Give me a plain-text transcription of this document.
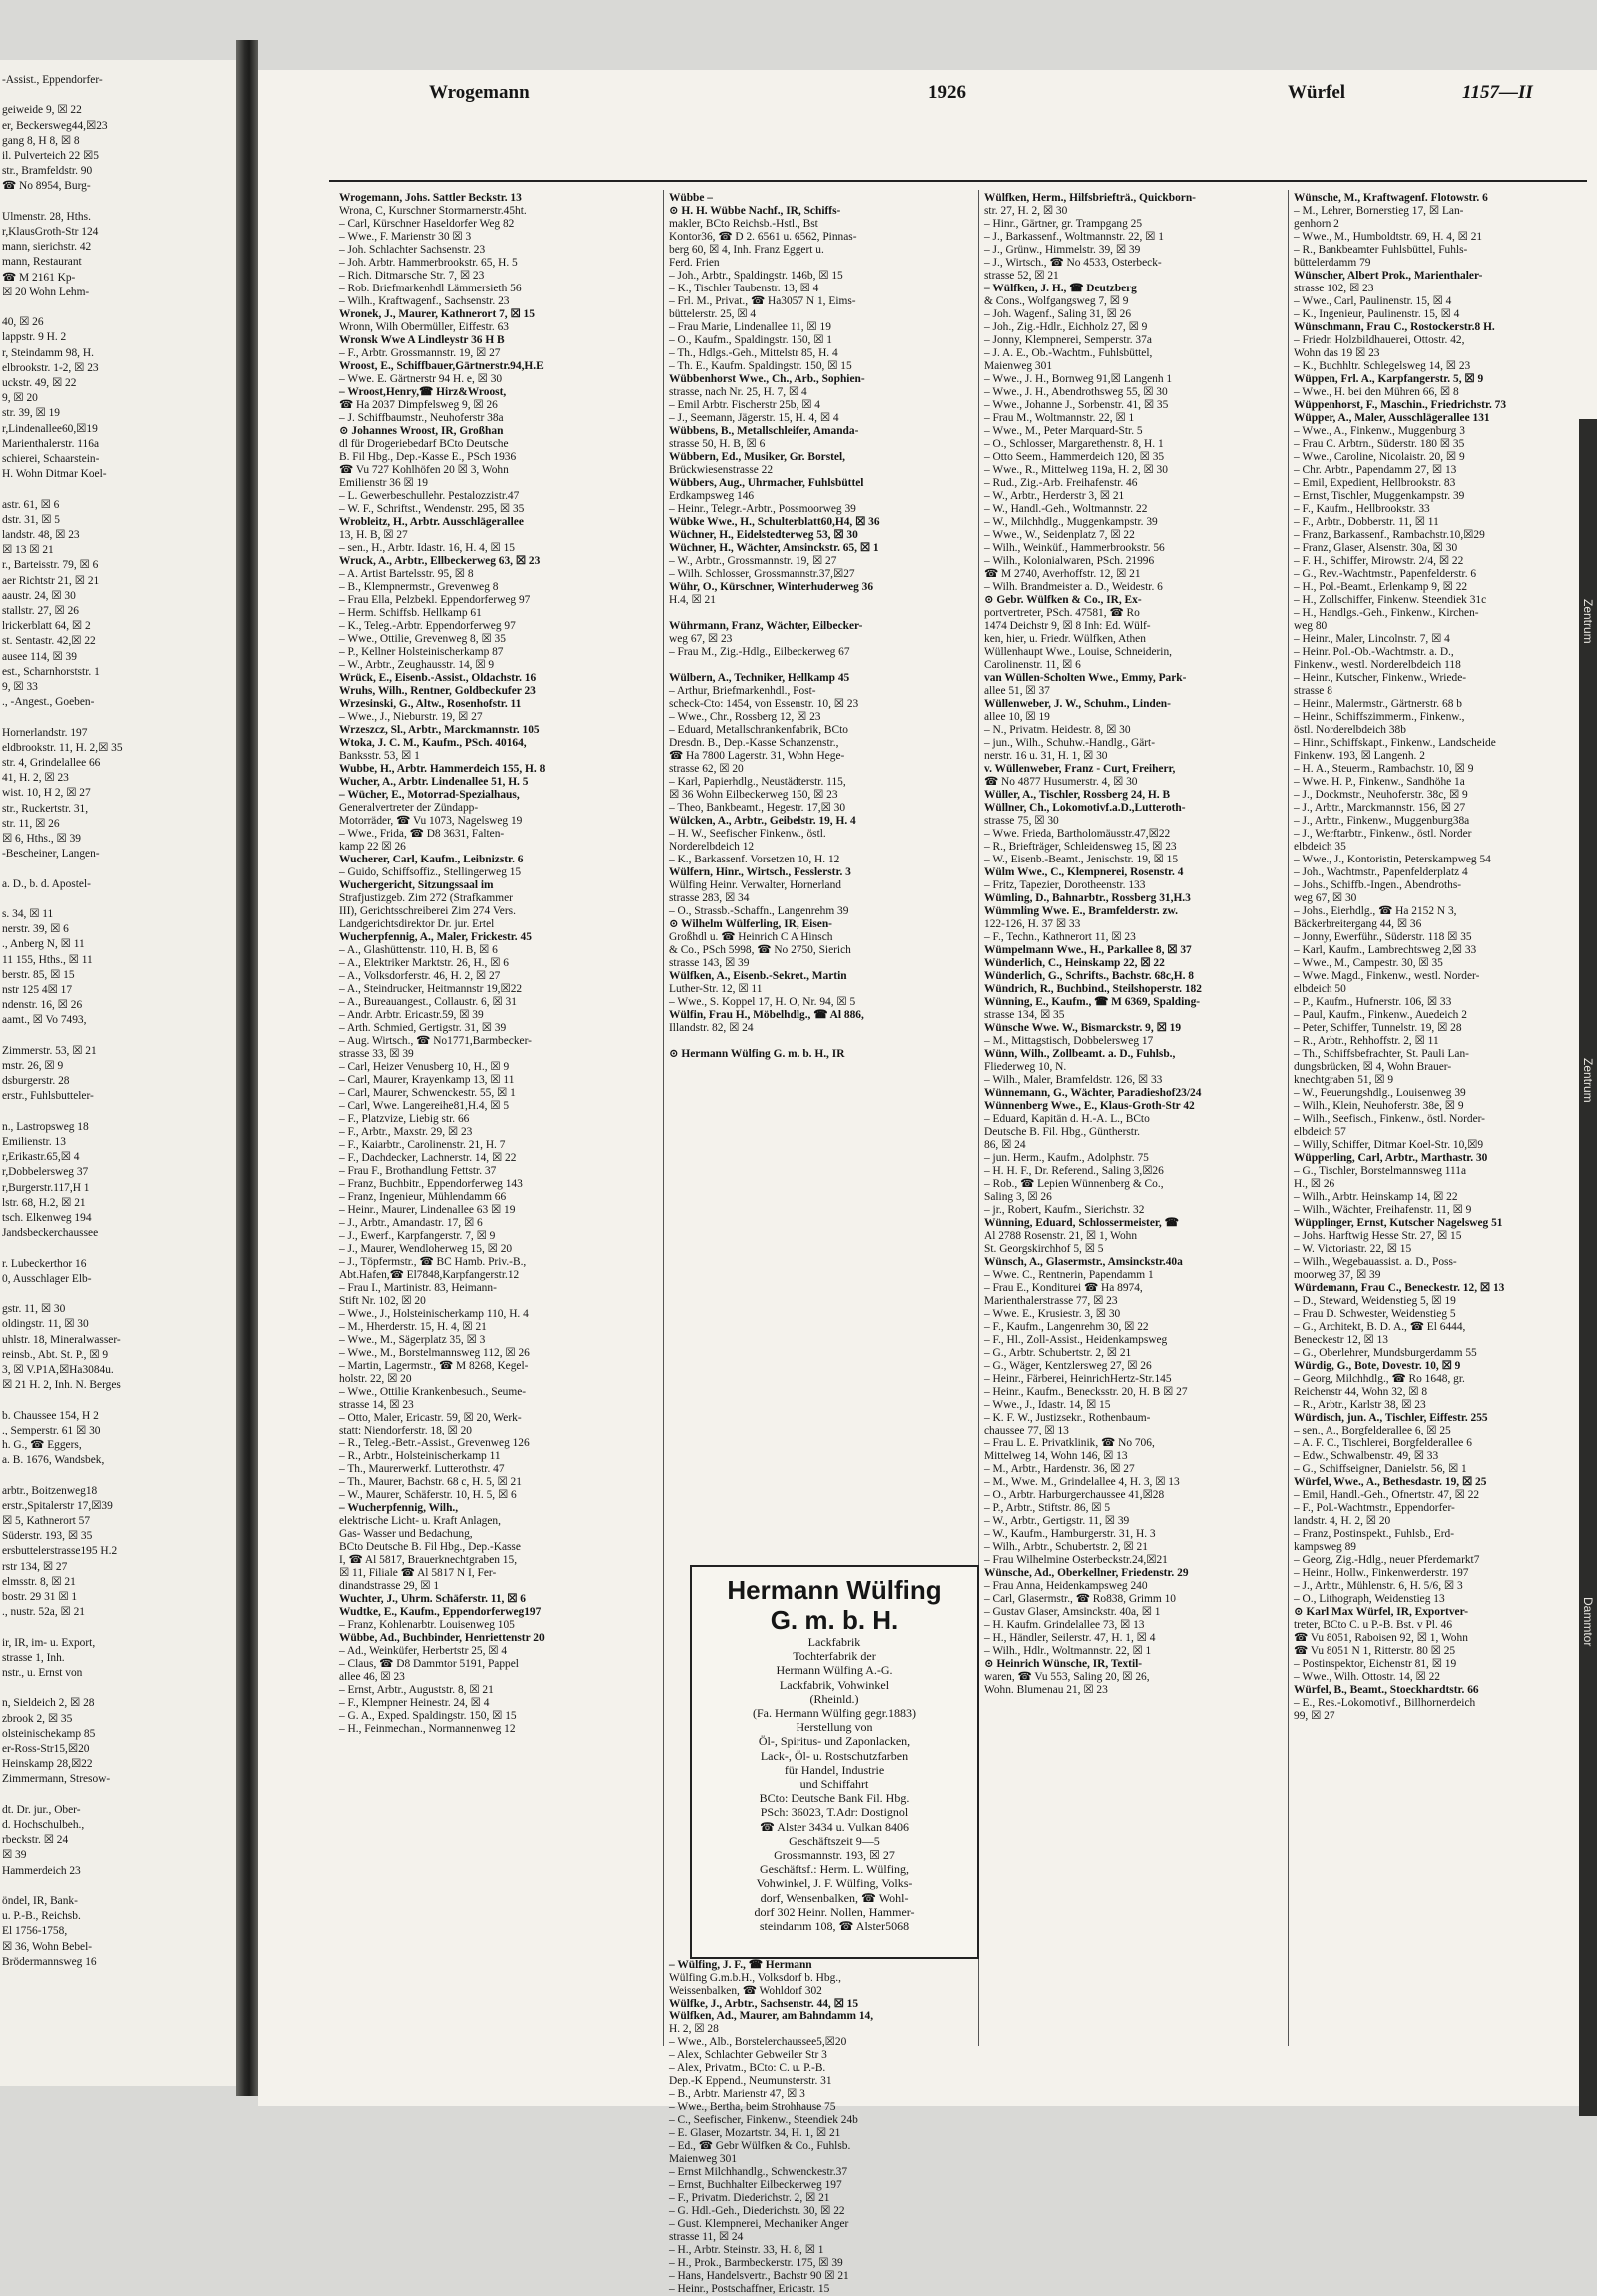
-Assist., Eppendorfer-
geiweide 9, ☒ 22
er, Beckersweg44,☒23
gang 8, H 8, ☒ 8
il. Pulverteich 22 ☒5
str., Bramfeldstr. 90
☎ No 8954, Burg-
Ulmenstr. 28, Hths.
r,KlausGroth-Str 124
mann, sierichstr. 42
mann, Restaurant
☎ M 2161 Kp-
☒ 20 Wohn Lehm-
40, ☒ 26
lappstr. 9 H. 2
r, Steindamm 98, H.
elbrookstr. 1-2, ☒ 23
uckstr. 49, ☒ 22
9, ☒ 20
str. 39, ☒ 19
r,Lindenallee60,☒19
Marienthalerstr. 116a
schierei, Schaarstein-
H. Wohn Ditmar Koel-
astr. 61, ☒ 6
dstr. 31, ☒ 5
landstr. 48, ☒ 23
☒ 13 ☒ 21
r., Barteisstr. 79, ☒ 6
aer Richtstr 21, ☒ 21
aaustr. 24, ☒ 30
stallstr. 27, ☒ 26
lrickerblatt 64, ☒ 2
st. Sentastr. 42,☒ 22
ausee 114, ☒ 39
est., Scharnhorststr. 1
9, ☒ 33
., -Angest., Goeben-
Hornerlandstr. 197
eldbrookstr. 11, H. 2,☒ 35
str. 4, Grindelallee 66
41, H. 2, ☒ 23
wist. 10, H 2, ☒ 27
str., Ruckertstr. 31,
str. 11, ☒ 26
☒ 6, Hths., ☒ 39
-Bescheiner, Langen-
a. D., b. d. Apostel-
s. 34, ☒ 11
nerstr. 39, ☒ 6
., Anberg N, ☒ 11
11 155, Hths., ☒ 11
berstr. 85, ☒ 15
nstr 125 4☒ 17
ndenstr. 16, ☒ 26
aamt., ☒ Vo 7493,
Zimmerstr. 53, ☒ 21
mstr. 26, ☒ 9
dsburgerstr. 28
erstr., Fuhlsbutteler-
n., Lastropsweg 18
Emilienstr. 13
r,Erikastr.65,☒ 4
r,Dobbelersweg 37
r,Burgerstr.117,H 1
lstr. 68, H.2, ☒ 21
tsch. Elkenweg 194
Jandsbeckerchaussee
r. Lubeckerthor 16
0, Ausschlager Elb-
gstr. 11, ☒ 30
oldingstr. 11, ☒ 30
uhlstr. 18, Mineralwasser-
reinsb., Abt. St. P., ☒ 9
3, ☒ V.P1A,☒Ha3084u.
☒ 21 H. 2, Inh. N. Berges
b. Chaussee 154, H 2
., Semperstr. 61 ☒ 30
h. G., ☎ Eggers,
a. B. 1676, Wandsbek,
arbtr., Boitzenweg18
erstr.,Spitalerstr 17,☒39
☒ 5, Kathnerort 57
Süderstr. 193, ☒ 35
ersbuttelerstrasse195 H.2
rstr 134, ☒ 27
elmsstr. 8, ☒ 21
bostr. 29 31 ☒ 1
., nustr. 52a, ☒ 21
ir, IR, im- u. Export,
strasse 1, Inh.
nstr., u. Ernst von
n, Sieldeich 2, ☒ 28
zbrook 2, ☒ 35
olsteinischekamp 85
er-Ross-Str15,☒20
Heinskamp 28,☒22
Zimmermann, Stresow-
dt. Dr. jur., Ober-
d. Hochschulbeh.,
rbeckstr. ☒ 24
☒ 39
Hammerdeich 23
öndel, IR, Bank-
u. P.-B., Reichsb.
El 1756-1758,
☒ 36, Wohn Bebel-
Brödermannsweg 16
Wrogemann	1926	Würfel	1157—II
Wrogemann, Johs. Sattler Beckstr. 13
Wrona, C, Kurschner Stormarnerstr.45ht.
– Carl, Kürschner Haseldorfer Weg 82
– Wwe., F. Marienstr 30 ☒ 3
– Joh. Schlachter Sachsenstr. 23
– Joh. Arbtr. Hammerbrookstr. 65, H. 5
– Rich. Ditmarsche Str. 7, ☒ 23
– Rob. Briefmarkenhdl Lämmersieth 56
– Wilh., Kraftwagenf., Sachsenstr. 23
Wronek, J., Maurer, Kathnerort 7, ☒ 15
Wronn, Wilh Obermüller, Eiffestr. 63
Wronsk Wwe A Lindleystr 36 H B
– F., Arbtr. Grossmannstr. 19, ☒ 27
Wroost, E., Schiffbauer,Gärtnerstr.94,H.E
– Wwe. E. Gärtnerstr 94 H. e, ☒ 30
– Wroost,Henry,☎ Hirz&Wroost,
☎ Ha 2037 Dimpfelsweg 9, ☒ 26
– J. Schiffbaumstr., Neuhoferstr 38a
⊙ Johannes Wroost, IR, Großhan
dl für Drogeriebedarf BCto Deutsche
B. Fil Hbg., Dep.-Kasse E., PSch 1936
☎ Vu 727 Kohlhöfen 20 ☒ 3, Wohn
Emilienstr 36 ☒ 19
– L. Gewerbeschullehr. Pestalozzistr.47
– W. F., Schriftst., Wendenstr. 295, ☒ 35
Wrobleitz, H., Arbtr. Ausschlägerallee
13, H. B, ☒ 27
– sen., H., Arbtr. Idastr. 16, H. 4, ☒ 15
Wruck, A., Arbtr., Ellbeckerweg 63, ☒ 23
– A. Artist Bartelsstr. 95, ☒ 8
– B., Klempnermstr., Grevenweg 8
– Frau Ella, Pelzbekl. Eppendorferweg 97
– Herm. Schiffsb. Hellkamp 61
– K., Teleg.-Arbtr. Eppendorferweg 97
– Wwe., Ottilie, Grevenweg 8, ☒ 35
– P., Kellner Holsteinischerkamp 87
– W., Arbtr., Zeughausstr. 14, ☒ 9
Wrück, E., Eisenb.-Assist., Oldachstr. 16
Wruhs, Wilh., Rentner, Goldbeckufer 23
Wrzesinski, G., Altw., Rosenhofstr. 11
– Wwe., J., Nieburstr. 19, ☒ 27
Wrzeszcz, Sl., Arbtr., Marckmannstr. 105
Wtoka, J. C. M., Kaufm., PSch. 40164,
Banksstr. 53, ☒ 1
Wubbe, H., Arbtr. Hammerdeich 155, H. 8
Wucher, A., Arbtr. Lindenallee 51, H. 5
– Wücher, E., Motorrad-Spezialhaus,
Generalvertreter der Zündapp-
Motorräder, ☎ Vu 1073, Nagelsweg 19
– Wwe., Frida, ☎ D8 3631, Falten-
kamp 22 ☒ 26
Wucherer, Carl, Kaufm., Leibnizstr. 6
– Guido, Schiffsoffiz., Stellingerweg 15
Wuchergericht, Sitzungssaal im
Strafjustizgeb. Zim 272 (Strafkammer
III), Gerichtsschreiberei Zim 274 Vers.
Landgerichtsdirektor Dr. jur. Ertel
Wucherpfennig, A., Maler, Frickestr. 45
– A., Glashüttenstr. 110, H. B, ☒ 6
– A., Elektriker Marktstr. 26, H., ☒ 6
– A., Volksdorferstr. 46, H. 2, ☒ 27
– A., Steindrucker, Heitmannstr 19,☒22
– A., Bureauangest., Collaustr. 6, ☒ 31
– Andr. Arbtr. Ericastr.59, ☒ 39
– Arth. Schmied, Gertigstr. 31, ☒ 39
– Aug. Wirtsch., ☎ No1771,Barmbecker-
strasse 33, ☒ 39
– Carl, Heizer Venusberg 10, H., ☒ 9
– Carl, Maurer, Krayenkamp 13, ☒ 11
– Carl, Maurer, Schwenckestr. 55, ☒ 1
– Carl, Wwe. Langereihe81,H.4, ☒ 5
– F., Platzvize, Liebig str. 66
– F., Arbtr., Maxstr. 29, ☒ 23
– F., Kaiarbtr., Carolinenstr. 21, H. 7
– F., Dachdecker, Lachnerstr. 14, ☒ 22
– Frau F., Brothandlung Fettstr. 37
– Franz, Buchbitr., Eppendorferweg 143
– Franz, Ingenieur, Mühlendamm 66
– Heinr., Maurer, Lindenallee 63 ☒ 19
– J., Arbtr., Amandastr. 17, ☒ 6
– J., Ewerf., Karpfangerstr. 7, ☒ 9
– J., Maurer, Wendloherweg 15, ☒ 20
– J., Töpfermstr., ☎ BC Hamb. Priv.-B.,
Abt.Hafen,☎ El7848,Karpfangerstr.12
– Frau I., Martinistr. 83, Heimann-
Stift Nr. 102, ☒ 20
– Wwe., J., Holsteinischerkamp 110, H. 4
– M., Hherderstr. 15, H. 4, ☒ 21
– Wwe., M., Sägerplatz 35, ☒ 3
– Wwe., M., Borstelmannsweg 112, ☒ 26
– Martin, Lagermstr., ☎ M 8268, Kegel-
holstr. 22, ☒ 20
– Wwe., Ottilie Krankenbesuch., Seume-
strasse 14, ☒ 23
– Otto, Maler, Ericastr. 59, ☒ 20, Werk-
statt: Niendorferstr. 18, ☒ 20
– R., Teleg.-Betr.-Assist., Grevenweg 126
– R., Arbtr., Holsteinischerkamp 11
– Th., Maurerwerkf. Lutterothstr. 47
– Th., Maurer, Bachstr. 68 c, H. 5, ☒ 21
– W., Maurer, Schäferstr. 10, H. 5, ☒ 6
– Wucherpfennig, Wilh.,
elektrische Licht- u. Kraft Anlagen,
Gas- Wasser und Bedachung,
BCto Deutsche B. Fil Hbg., Dep.-Kasse
I, ☎ Al 5817, Brauerknechtgraben 15,
☒ 11, Filiale ☎ Al 5817 N I, Fer-
dinandstrasse 29, ☒ 1
Wuchter, J., Uhrm. Schäferstr. 11, ☒ 6
Wudtke, E., Kaufm., Eppendorferweg197
– Franz, Kohlenarbtr. Louisenweg 105
Wübbe, Ad., Buchbinder, Henriettenstr 20
– Ad., Weinküfer, Herbertstr 25, ☒ 4
– Claus, ☎ D8 Dammtor 5191, Pappel
allee 46, ☒ 23
– Ernst, Arbtr., Auguststr. 8, ☒ 21
– F., Klempner Heinestr. 24, ☒ 4
– G. A., Exped. Spaldingstr. 150, ☒ 15
– H., Feinmechan., Normannenweg 12
Wübbe –
⊙ H. H. Wübbe Nachf., IR, Schiffs-
makler, BCto Reichsb.-Hstl., Bst
Kontor36, ☎ D 2. 6561 u. 6562, Pinnas-
berg 60, ☒ 4, Inh. Franz Eggert u.
Ferd. Frien
– Joh., Arbtr., Spaldingstr. 146b, ☒ 15
– K., Tischler Taubenstr. 13, ☒ 4
– Frl. M., Privat., ☎ Ha3057 N 1, Eims-
büttelerstr. 25, ☒ 4
– Frau Marie, Lindenallee 11, ☒ 19
– O., Kaufm., Spaldingstr. 150, ☒ 1
– Th., Hdlgs.-Geh., Mittelstr 85, H. 4
– Th. E., Kaufm. Spaldingstr. 150, ☒ 15
Wübbenhorst Wwe., Ch., Arb., Sophien-
strasse, nach Nr. 25, H. 7, ☒ 4
– Emil Arbtr. Fischerstr 25b, ☒ 4
– J., Seemann, Jägerstr. 15, H. 4, ☒ 4
Wübbens, B., Metallschleifer, Amanda-
strasse 50, H. B, ☒ 6
Wübbern, Ed., Musiker, Gr. Borstel,
Brückwiesenstrasse 22
Wübbers, Aug., Uhrmacher, Fuhlsbüttel
Erdkampsweg 146
– Heinr., Telegr.-Arbtr., Possmoorweg 39
Wübke Wwe., H., Schulterblatt60,H4, ☒ 36
Wüchner, H., Eidelstedterweg 53, ☒ 30
Wüchner, H., Wächter, Amsinckstr. 65, ☒ 1
– W., Arbtr., Grossmannstr. 19, ☒ 27
– Wilh. Schlosser, Grossmannstr.37,☒27
Wühr, O., Kürschner, Winterhuderweg 36
H.4, ☒ 21
Wührmann, Franz, Wächter, Eilbecker-
weg 67, ☒ 23
– Frau M., Zig.-Hdlg., Eilbeckerweg 67
Wülbern, A., Techniker, Hellkamp 45
– Arthur, Briefmarkenhdl., Post-
scheck-Cto: 1454, von Essenstr. 10, ☒ 23
– Wwe., Chr., Rossberg 12, ☒ 23
– Eduard, Metallschrankenfabrik, BCto
Dresdn. B., Dep.-Kasse Schanzenstr.,
☎ Ha 7800 Lagerstr. 31, Wohn Hege-
strasse 62, ☒ 20
– Karl, Papierhdlg., Neustädterstr. 115,
☒ 36 Wohn Eilbeckerweg 150, ☒ 23
– Theo, Bankbeamt., Hegestr. 17,☒ 30
Wülcken, A., Arbtr., Geibelstr. 19, H. 4
– H. W., Seefischer Finkenw., östl.
Norderelbdeich 12
– K., Barkassenf. Vorsetzen 10, H. 12
Wülfern, Hinr., Wirtsch., Fesslerstr. 3
Wülfing Heinr. Verwalter, Hornerland
strasse 283, ☒ 34
– O., Strassb.-Schaffn., Langenrehm 39
⊙ Wilhelm Wülferling, IR, Eisen-
Großhdl u. ☎ Heinrich C A Hinsch
& Co., PSch 5998, ☎ No 2750, Sierich
strasse 143, ☒ 39
Wülfken, A., Eisenb.-Sekret., Martin
Luther-Str. 12, ☒ 11
– Wwe., S. Koppel 17, H. O, Nr. 94, ☒ 5
Wülfin, Frau H., Möbelhdlg., ☎ Al 886,
Illandstr. 82, ☒ 24
⊙ Hermann Wülfing G. m. b. H., IR
– Wülfing, J. F., ☎ Hermann
Wülfing G.m.b.H., Volksdorf b. Hbg.,
Weissenbalken, ☎ Wohldorf 302
Wülfke, J., Arbtr., Sachsenstr. 44, ☒ 15
Wülfken, Ad., Maurer, am Bahndamm 14,
H. 2, ☒ 28
– Wwe., Alb., Borstelerchaussee5,☒20
– Alex, Schlachter Gebweiler Str 3
– Alex, Privatm., BCto: C. u. P.-B.
Dep.-K Eppend., Neumunsterstr. 31
– B., Arbtr. Marienstr 47, ☒ 3
– Wwe., Bertha, beim Strohhause 75
– C., Seefischer, Finkenw., Steendiek 24b
– E. Glaser, Mozartstr. 34, H. 1, ☒ 21
– Ed., ☎ Gebr Wülfken & Co., Fuhlsb.
Maienweg 301
– Ernst Milchhandlg., Schwenckestr.37
– Ernst, Buchhalter Eilbeckerweg 197
– F., Privatm. Diederichstr. 2, ☒ 21
– G. Hdl.-Geh., Diederichstr. 30, ☒ 22
– Gust. Klempnerei, Mechaniker Anger
strasse 11, ☒ 24
– H., Arbtr. Steinstr. 33, H. 8, ☒ 1
– H., Prok., Barmbeckerstr. 175, ☒ 39
– Hans, Handelsvertr., Bachstr 90 ☒ 21
– Heinr., Postschaffner, Ericastr. 15
Wülfken, Herm., Hilfsbriefträ., Quickborn-
str. 27, H. 2, ☒ 30
– Hinr., Gärtner, gr. Trampgang 25
– J., Barkassenf., Woltmannstr. 22, ☒ 1
– J., Grünw., Himmelstr. 39, ☒ 39
– J., Wirtsch., ☎ No 4533, Osterbeck-
strasse 52, ☒ 21
– Wülfken, J. H., ☎ Deutzberg
& Cons., Wolfgangsweg 7, ☒ 9
– Joh. Wagenf., Saling 31, ☒ 26
– Joh., Zig.-Hdlr., Eichholz 27, ☒ 9
– Jonny, Klempnerei, Semperstr. 37a
– J. A. E., Ob.-Wachtm., Fuhlsbüttel,
Maienweg 301
– Wwe., J. H., Bornweg 91,☒ Langenh 1
– Wwe., J. H., Abendrothsweg 55, ☒ 30
– Wwe., Johanne J., Sorbenstr. 41, ☒ 35
– Frau M., Woltmannstr. 22, ☒ 1
– Wwe., M., Peter Marquard-Str. 5
– O., Schlosser, Margarethenstr. 8, H. 1
– Otto Seem., Hammerdeich 120, ☒ 35
– Wwe., R., Mittelweg 119a, H. 2, ☒ 30
– Rud., Zig.-Arb. Freihafenstr. 46
– W., Arbtr., Herderstr 3, ☒ 21
– W., Handl.-Geh., Woltmannstr. 22
– W., Milchhdlg., Muggenkampstr. 39
– Wwe., W., Seidenplatz 7, ☒ 22
– Wilh., Weinküf., Hammerbrookstr. 56
– Wilh., Kolonialwaren, PSch. 21996
☎ M 2740, Averhoffstr. 12, ☒ 21
– Wilh. Brandmeister a. D., Weidestr. 6
⊙ Gebr. Wülfken & Co., IR, Ex-
portvertreter, PSch. 47581, ☎ Ro
1474 Deichstr 9, ☒ 8 Inh: Ed. Wülf-
ken, hier, u. Friedr. Wülfken, Athen
Wüllenhaupt Wwe., Louise, Schneiderin,
Carolinenstr. 11, ☒ 6
van Wüllen-Scholten Wwe., Emmy, Park-
allee 51, ☒ 37
Wüllenweber, J. W., Schuhm., Linden-
allee 10, ☒ 19
– N., Privatm. Heidestr. 8, ☒ 30
– jun., Wilh., Schuhw.-Handlg., Gärt-
nerstr. 16 u. 31, H. 1, ☒ 30
v. Wüllenweber, Franz - Curt, Freiherr,
☎ No 4877 Husumerstr. 4, ☒ 30
Wüller, A., Tischler, Rossberg 24, H. B
Wüllner, Ch., Lokomotivf.a.D.,Lutteroth-
strasse 75, ☒ 30
– Wwe. Frieda, Bartholomäusstr.47,☒22
– R., Briefträger, Schleidensweg 15, ☒ 23
– W., Eisenb.-Beamt., Jenischstr. 19, ☒ 15
Wülm Wwe., C., Klempnerei, Rosenstr. 4
– Fritz, Tapezier, Dorotheenstr. 133
Wümling, D., Bahnarbtr., Rossberg 31,H.3
Wümmling Wwe. E., Bramfelderstr. zw.
122-126, H. 37 ☒ 33
– F., Techn., Kathnerort 11, ☒ 23
Wümpelmann Wwe., H., Parkallee 8, ☒ 37
Wünderlich, C., Heinskamp 22, ☒ 22
Wünderlich, G., Schrifts., Bachstr. 68c,H. 8
Wündrich, R., Buchbind., Steilshoperstr. 182
Wünning, E., Kaufm., ☎ M 6369, Spalding-
strasse 134, ☒ 35
Wünsche Wwe. W., Bismarckstr. 9, ☒ 19
– M., Mittagstisch, Dobbelersweg 17
Wünn, Wilh., Zollbeamt. a. D., Fuhlsb.,
Fliederweg 10, N.
– Wilh., Maler, Bramfeldstr. 126, ☒ 33
Wünnemann, G., Wächter, Paradieshof23/24
Wünnenberg Wwe., E., Klaus-Groth-Str 42
– Eduard, Kapitän d. H.-A. L., BCto
Deutsche B. Fil. Hbg., Güntherstr.
86, ☒ 24
– jun. Herm., Kaufm., Adolphstr. 75
– H. H. F., Dr. Referend., Saling 3,☒26
– Rob., ☎ Lepien Wünnenberg & Co.,
Saling 3, ☒ 26
– jr., Robert, Kaufm., Sierichstr. 32
Wünning, Eduard, Schlossermeister, ☎
Al 2788 Rosenstr. 21, ☒ 1, Wohn
St. Georgskirchhof 5, ☒ 5
Wünsch, A., Glasermstr., Amsinckstr.40a
– Wwe. C., Rentnerin, Papendamm 1
– Frau E., Konditurei ☎ Ha 8974,
Marienthalerstrasse 77, ☒ 23
– Wwe. E., Krusiestr. 3, ☒ 30
– F., Kaufm., Langenrehm 30, ☒ 22
– F., Hl., Zoll-Assist., Heidenkampsweg
– G., Arbtr. Schubertstr. 2, ☒ 21
– G., Wäger, Kentzlersweg 27, ☒ 26
– Heinr., Färberei, HeinrichHertz-Str.145
– Heinr., Kaufm., Benecksstr. 20, H. B ☒ 27
– Wwe., J., Idastr. 14, ☒ 15
– K. F. W., Justizsekr., Rothenbaum-
chaussee 77, ☒ 13
– Frau L. E. Privatklinik, ☎ No 706,
Mittelweg 14, Wohn 146, ☒ 13
– M., Arbtr., Hardenstr. 36, ☒ 27
– M., Wwe. M., Grindelallee 4, H. 3, ☒ 13
– O., Arbtr. Harburgerchaussee 41,☒28
– P., Arbtr., Stiftstr. 86, ☒ 5
– W., Arbtr., Gertigstr. 11, ☒ 39
– W., Kaufm., Hamburgerstr. 31, H. 3
– Wilh., Arbtr., Schubertstr. 2, ☒ 21
– Frau Wilhelmine Osterbeckstr.24,☒21
Wünsche, Ad., Oberkellner, Friedenstr. 29
– Frau Anna, Heidenkampsweg 240
– Carl, Glasermstr., ☎ Ro838, Grimm 10
– Gustav Glaser, Amsinckstr. 40a, ☒ 1
– H. Kaufm. Grindelallee 73, ☒ 13
– H., Händler, Seilerstr. 47, H. 1, ☒ 4
– Wilh., Hdlr., Woltmannstr. 22, ☒ 1
⊙ Heinrich Wünsche, IR, Textil-
waren, ☎ Vu 553, Saling 20, ☒ 26,
Wohn. Blumenau 21, ☒ 23
Wünsche, M., Kraftwagenf. Flotowstr. 6
– M., Lehrer, Bornerstieg 17, ☒ Lan-
genhorn 2
– Wwe., M., Humboldtstr. 69, H. 4, ☒ 21
– R., Bankbeamter Fuhlsbüttel, Fuhls-
büttelerdamm 79
Wünscher, Albert Prok., Marienthaler-
strasse 102, ☒ 23
– Wwe., Carl, Paulinenstr. 15, ☒ 4
– K., Ingenieur, Paulinenstr. 15, ☒ 4
Wünschmann, Frau C., Rostockerstr.8 H.
– Friedr. Holzbildhauerei, Ottostr. 42,
Wohn das 19 ☒ 23
– K., Buchhltr. Schlegelsweg 14, ☒ 23
Wüppen, Frl. A., Karpfangerstr. 5, ☒ 9
– Wwe., H. bei den Mühren 66, ☒ 8
Wüppenhorst, F., Maschin., Friedrichstr. 73
Wüpper, A., Maler, Ausschlägerallee 131
– Wwe., A., Finkenw., Muggenburg 3
– Frau C. Arbtrn., Süderstr. 180 ☒ 35
– Wwe., Caroline, Nicolaistr. 20, ☒ 9
– Chr. Arbtr., Papendamm 27, ☒ 13
– Emil, Expedient, Hellbrookstr. 83
– Ernst, Tischler, Muggenkampstr. 39
– F., Kaufm., Hellbrookstr. 33
– F., Arbtr., Dobberstr. 11, ☒ 11
– Franz, Barkassenf., Rambachstr.10,☒29
– Franz, Glaser, Alsenstr. 30a, ☒ 30
– F. H., Schiffer, Mirowstr. 2/4, ☒ 22
– G., Rev.-Wachtmstr., Papenfelderstr. 6
– H., Pol.-Beamt., Erlenkamp 9, ☒ 22
– H., Zollschiffer, Finkenw. Steendiek 31c
– H., Handlgs.-Geh., Finkenw., Kirchen-
weg 80
– Heinr., Maler, Lincolnstr. 7, ☒ 4
– Heinr. Pol.-Ob.-Wachtmstr. a. D.,
Finkenw., westl. Norderelbdeich 118
– Heinr., Kutscher, Finkenw., Wriede-
strasse 8
– Heinr., Malermstr., Gärtnerstr. 68 b
– Heinr., Schiffszimmerm., Finkenw.,
östl. Norderelbdeich 38b
– Hinr., Schiffskapt., Finkenw., Landscheide
Finkenw. 193, ☒ Langenh. 2
– H. A., Steuerm., Rambachstr. 10, ☒ 9
– Wwe. H. P., Finkenw., Sandhöhe 1a
– J., Dockmstr., Neuhoferstr. 38c, ☒ 9
– J., Arbtr., Marckmannstr. 156, ☒ 27
– J., Arbtr., Finkenw., Muggenburg38a
– J., Werftarbtr., Finkenw., östl. Norder
elbdeich 35
– Wwe., J., Kontoristin, Peterskampweg 54
– Joh., Wachtmstr., Papenfelderplatz 4
– Johs., Schiffb.-Ingen., Abendroths-
weg 67, ☒ 30
– Johs., Eierhdlg., ☎ Ha 2152 N 3,
Bäckerbreitergang 44, ☒ 36
– Jonny, Ewerführ., Süderstr. 118 ☒ 35
– Karl, Kaufm., Lambrechtsweg 2,☒ 33
– Wwe., M., Campestr. 30, ☒ 35
– Wwe. Magd., Finkenw., westl. Norder-
elbdeich 50
– P., Kaufm., Hufnerstr. 106, ☒ 33
– Paul, Kaufm., Finkenw., Auedeich 2
– Peter, Schiffer, Tunnelstr. 19, ☒ 28
– R., Arbtr., Rehhoffstr. 2, ☒ 11
– Th., Schiffsbefrachter, St. Pauli Lan-
dungsbrücken, ☒ 4, Wohn Brauer-
knechtgraben 51, ☒ 9
– W., Feuerungshdlg., Louisenweg 39
– Wilh., Klein, Neuhoferstr. 38e, ☒ 9
– Wilh., Seefisch., Finkenw., östl. Norder-
elbdeich 57
– Willy, Schiffer, Ditmar Koel-Str. 10,☒9
Wüpperling, Carl, Arbtr., Marthastr. 30
– G., Tischler, Borstelmannsweg 111a
H., ☒ 26
– Wilh., Arbtr. Heinskamp 14, ☒ 22
– Wilh., Wächter, Freihafenstr. 11, ☒ 9
Wüpplinger, Ernst, Kutscher Nagelsweg 51
– Johs. Harftwig Hesse Str. 27, ☒ 15
– W. Victoriastr. 22, ☒ 15
– Wilh., Wegebauassist. a. D., Poss-
moorweg 37, ☒ 39
Würdemann, Frau C., Beneckestr. 12, ☒ 13
– D., Steward, Weidenstieg 5, ☒ 19
– Frau D. Schwester, Weidenstieg 5
– G., Architekt, B. D. A., ☎ El 6444,
Beneckestr 12, ☒ 13
– G., Oberlehrer, Mundsburgerdamm 55
Würdig, G., Bote, Dovestr. 10, ☒ 9
– Georg, Milchhdlg., ☎ Ro 1648, gr.
Reichenstr 44, Wohn 32, ☒ 8
– R., Arbtr., Karlstr 38, ☒ 23
Würdisch, jun. A., Tischler, Eiffestr. 255
– sen., A., Borgfelderallee 6, ☒ 25
– A. F. C., Tischlerei, Borgfelderallee 6
– Edw., Schwalbenstr. 49, ☒ 33
– G., Schiffseigner, Danielstr. 56, ☒ 1
Würfel, Wwe., A., Bethesdastr. 19, ☒ 25
– Emil, Handl.-Geh., Ofnertstr. 47, ☒ 22
– F., Pol.-Wachtmstr., Eppendorfer-
landstr. 4, H. 2, ☒ 20
– Franz, Postinspekt., Fuhlsb., Erd-
kampsweg 89
– Georg, Zig.-Hdlg., neuer Pferdemarkt7
– Heinr., Hollw., Finkenwerderstr. 197
– J., Arbtr., Mühlenstr. 6, H. 5/6, ☒ 3
– O., Lithograph, Weidenstieg 13
⊙ Karl Max Würfel, IR, Exportver-
treter, BCto C. u P.-B. Bst. v Pl. 46
☎ Vu 8051, Raboisen 92, ☒ 1, Wohn
☎ Vu 8051 N 1, Ritterstr. 80 ☒ 25
– Postinspektor, Eichenstr 81, ☒ 19
– Wwe., Wilh. Ottostr. 14, ☒ 22
Würfel, B., Beamt., Stoeckhardtstr. 66
– E., Res.-Lokomotivf., Billhornerdeich
99, ☒ 27
Hermann Wülfing
G. m. b. H.
Lackfabrik
Tochterfabrik der
Hermann Wülfing A.-G.
Lackfabrik, Vohwinkel
(Rheinld.)
(Fa. Hermann Wülfing gegr.1883)
Herstellung von
Öl-, Spiritus- und Zaponlacken,
Lack-, Öl- u. Rostschutzfarben
für Handel, Industrie
und Schiffahrt
BCto: Deutsche Bank Fil. Hbg.
PSch: 36023, T.Adr: Dostignol
☎ Alster 3434 u. Vulkan 8406
Geschäftszeit 9—5
Grossmannstr. 193, ☒ 27
Geschäftsf.: Herm. L. Wülfing,
Vohwinkel, J. F. Wülfing, Volks-
dorf, Wensenbalken, ☎ Wohl-
dorf 302 Heinr. Nollen, Hammer-
steindamm 108, ☎ Alster5068
Zentrum
Zentrum
Dammtor
